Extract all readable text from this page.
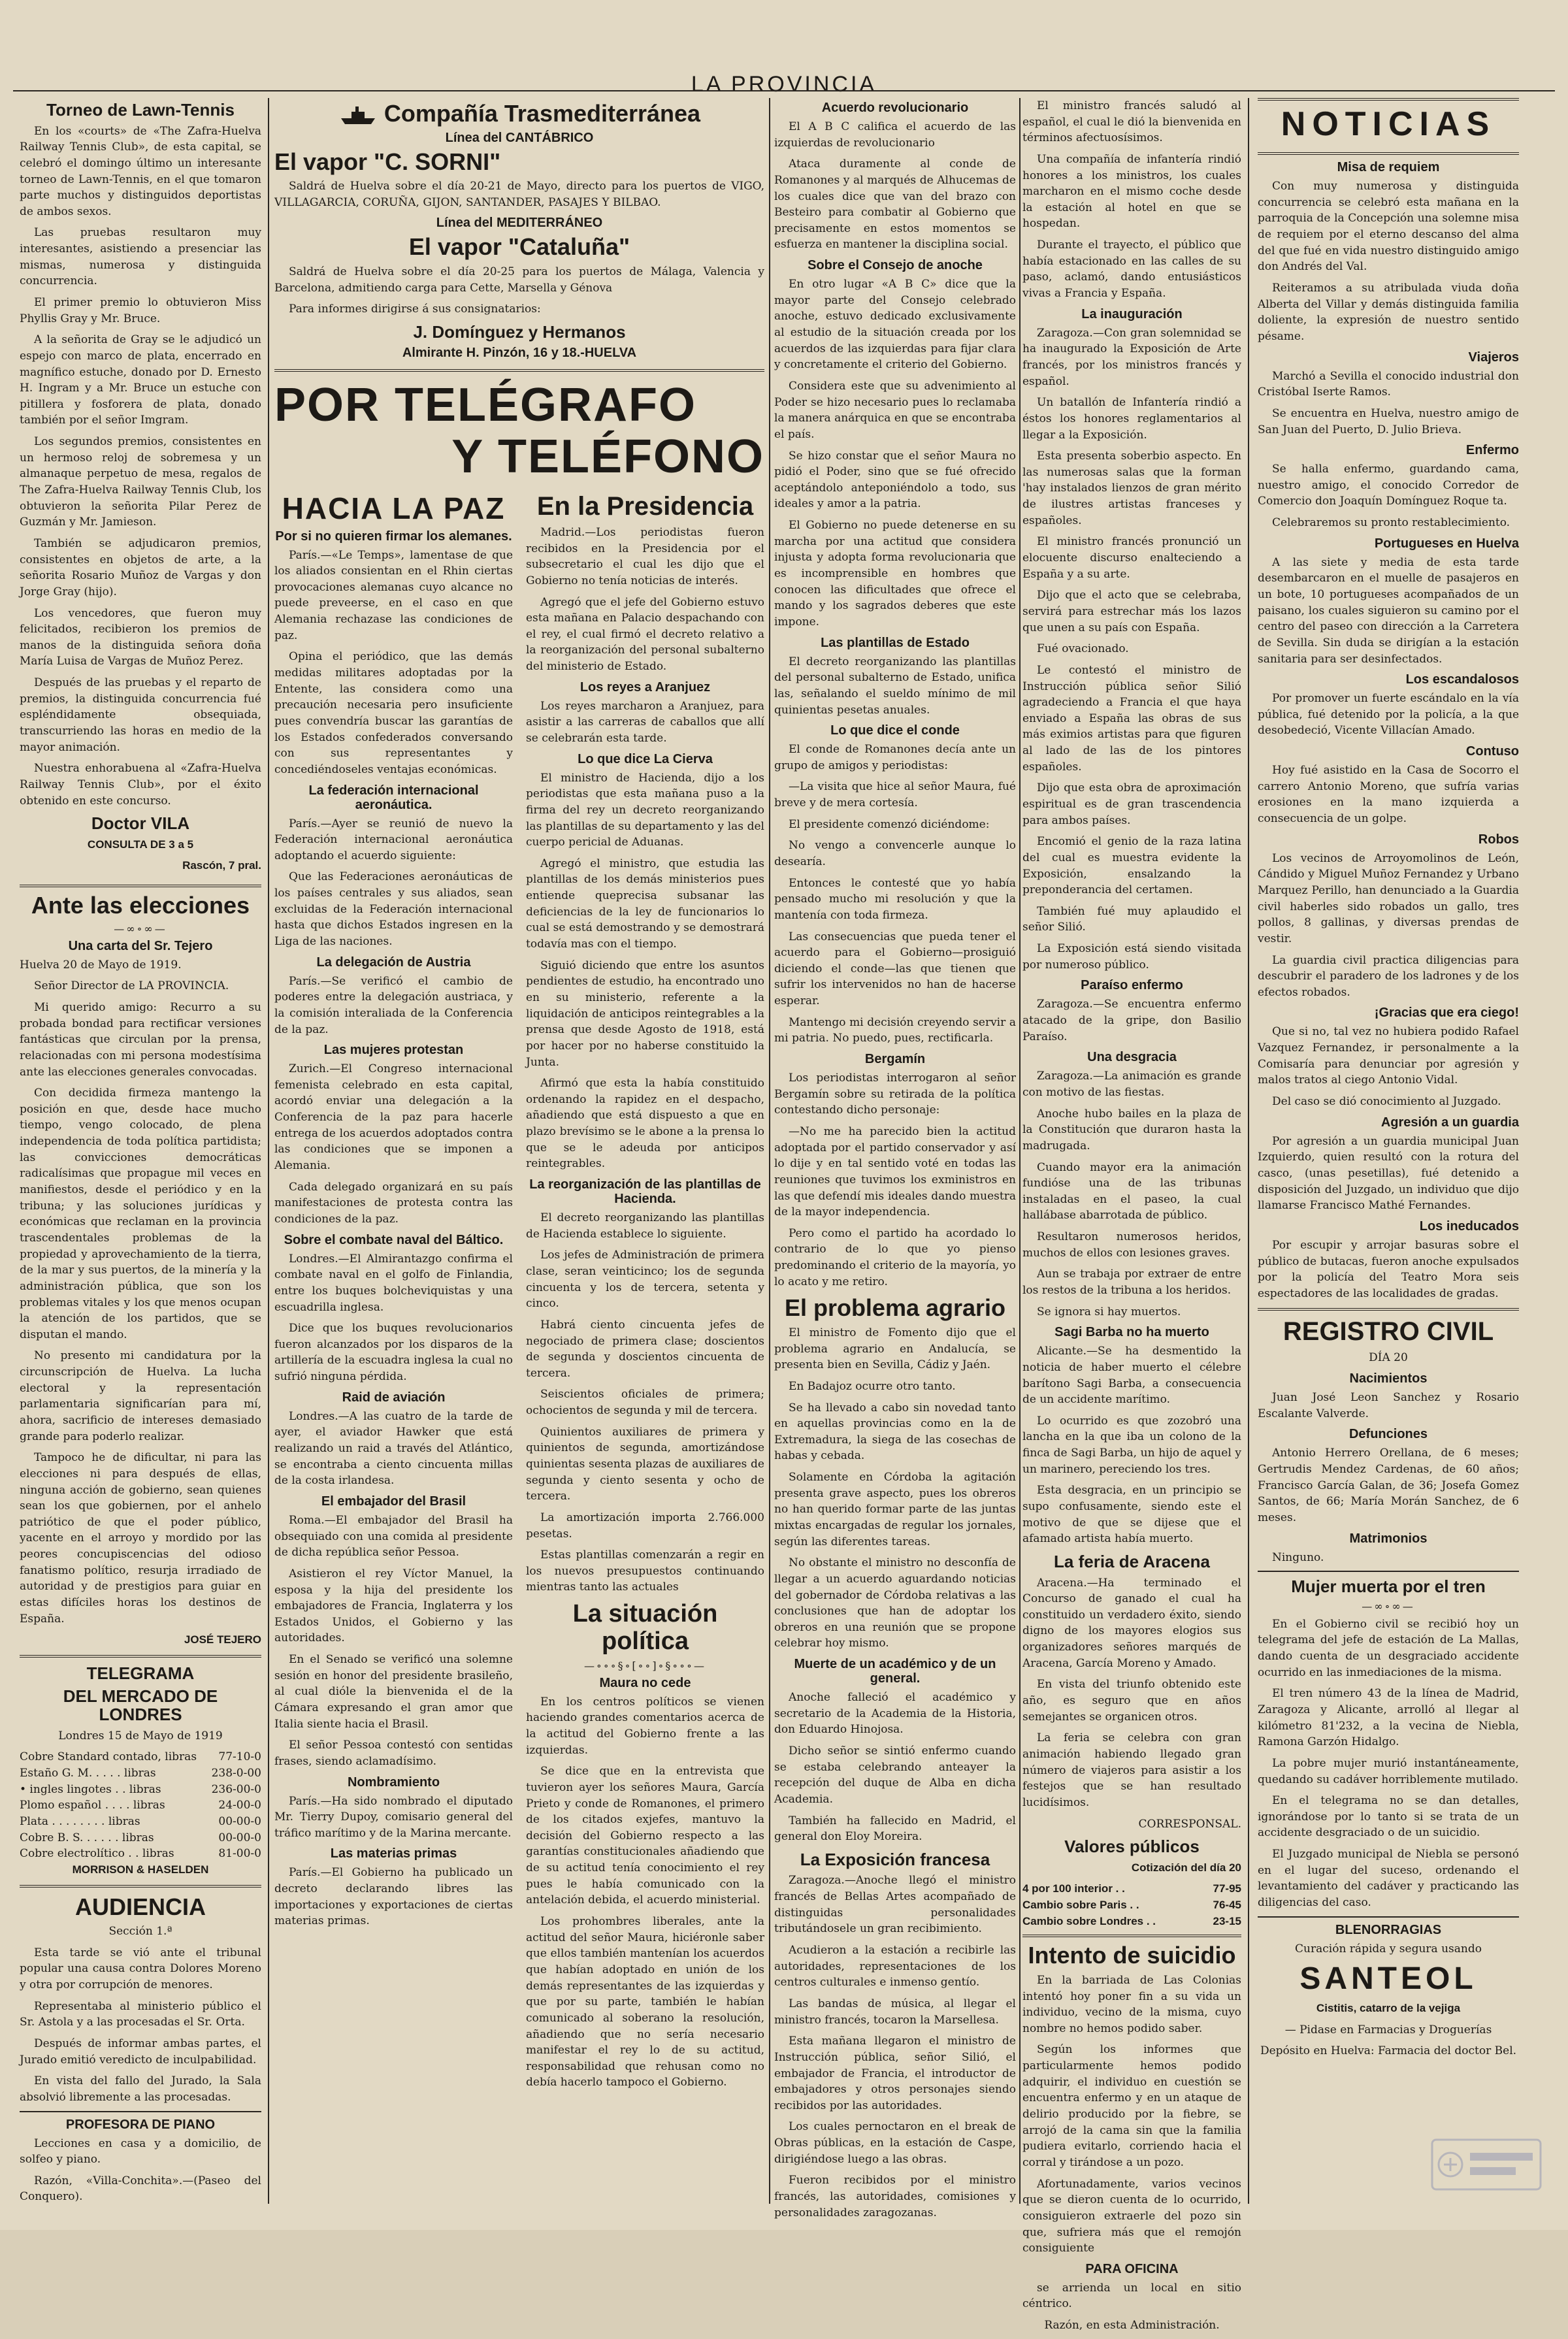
LA PROVINCIA
Torneo de Lawn-Tennis

En los «courts» de «The Zafra-Huelva Railway Tennis Club», de esta capital, se celebró el domingo último un interesante torneo de Lawn-Tennis, en el que tomaron parte muchos y distinguidos deportistas de ambos sexos.

Las pruebas resultaron muy interesantes, asistiendo a presenciar las mismas, numerosa y distinguida concurrencia.

El primer premio lo obtuvieron Miss Phyllis Gray y Mr. Bruce.

A la señorita de Gray se le adjudicó un espejo con marco de plata, encerrado en magnífico estuche, donado por D. Ernesto H. Ingram y a Mr. Bruce un estuche con pitillera y fosforera de plata, donado también por el señor Imgram.

Los segundos premios, consistentes en un hermoso reloj de sobremesa y un almanaque perpetuo de mesa, regalos de The Zafra-Huelva Railway Tennis Club, los obtuvieron la señorita Pilar Perez de Guzmán y Mr. Jamieson.

También se adjudicaron premios, consistentes en objetos de arte, a la señorita Rosario Muñoz de Vargas y don Jorge Gray (hijo).

Los vencedores, que fueron muy felicitados, recibieron los premios de manos de la distinguida señora doña María Luisa de Vargas de Muñoz Perez.

Después de las pruebas y el reparto de premios, la distinguida concurrencia fué espléndidamente obsequiada, transcurriendo las horas en medio de la mayor animación.

Nuestra enhorabuena al «Zafra-Huelva Railway Tennis Club», por el éxito obtenido en este concurso.

Doctor VILA

CONSULTA DE 3 a 5

Rascón, 7 pral.

Ante las elecciones
—∞∘∞—
Una carta del Sr. Tejero

Huelva 20 de Mayo de 1919.

Señor Director de LA PROVINCIA.

Mi querido amigo: Recurro a su probada bondad para rectificar versiones fantásticas que circulan por la prensa, relacionadas con mi persona modestísima ante las elecciones generales convocadas.

Con decidida firmeza mantengo la posición en que, desde hace mucho tiempo, vengo colocado, de plena independencia de toda política partidista; las convicciones democráticas radicalísimas que propague mil veces en manifiestos, desde el periódico y en la tribuna; y las soluciones jurídicas y económicas que reclaman en la provincia trascendentales problemas de la propiedad y aprovechamiento de la tierra, de la mar y sus puertos, de la minería y la administración pública, que son los problemas vitales y los que menos ocupan la atención de los partidos, que se disputan el mando.

No presento mi candidatura por la circunscripción de Huelva. La lucha electoral y la representación parlamentaria significarían para mí, ahora, sacrificio de intereses demasiado grande para poderlo realizar.

Tampoco he de dificultar, ni para las elecciones ni para después de ellas, ninguna acción de gobierno, sean quienes sean los que gobiernen, por el anhelo patriótico de que el poder público, yacente en el arroyo y mordido por las peores concupiscencias del odioso fanatismo político, resurja irradiado de autoridad y de prestigios para guiar en estas difíciles horas los destinos de España.

JOSÉ TEJERO

TELEGRAMA
DEL MERCADO DE LONDRES

Londres 15 de Mayo de 1919

Cobre Standard contado, libras 77-10-0
Estaño G. M. . . . . libras	238-0-00
• ingles lingotes . . libras	236-00-0
Plomo español . . . . libras	24-00-0
Plata . . . . . . . . libras	00-00-0
Cobre B. S. . . . . . libras	00-00-0
Cobre electrolítico . . libras	81-00-0

MORRISON & HASELDEN

AUDIENCIA

Sección 1.ª

Esta tarde se vió ante el tribunal popular una causa contra Dolores Moreno y otra por corrupción de menores.

Representaba al ministerio público el Sr. Astola y a las procesadas el Sr. Orta.

Después de informar ambas partes, el Jurado emitió veredicto de inculpabilidad.

En vista del fallo del Jurado, la Sala absolvió libremente a las procesadas.

PROFESORA DE PIANO

Lecciones en casa y a domicilio, de solfeo y piano.

Razón, «Villa-Conchita».—(Paseo del Conquero).

Compañía Trasmediterránea
Línea del CANTÁBRICO
El vapor "C. SORNI"

Saldrá de Huelva sobre el día 20-21 de Mayo, directo para los puertos de VIGO, VILLAGARCIA, CORUÑA, GIJON, SANTANDER, PASAJES Y BILBAO.

Línea del MEDITERRÁNEO
El vapor "Cataluña"

Saldrá de Huelva sobre el día 20-25 para los puertos de Málaga, Valencia y Barcelona, admitiendo carga para Cette, Marsella y Génova

Para informes dirigirse á sus consignatarios:

J. Domínguez y Hermanos
Almirante H. Pinzón, 16 y 18.-HUELVA
POR TELÉGRAFO
Y TELÉFONO
HACIA LA PAZ
Por si no quieren firmar los alemanes.

París.—«Le Temps», lamentase de que los aliados consientan en el Rhin ciertas provocaciones alemanas cuyo alcance no puede preveerse, en el caso en que Alemania rechazase las condiciones de paz.

Opina el periódico, que las demás medidas militares adoptadas por la Entente, las considera como una precaución necesaria pero insuficiente pues convendría buscar las garantías de los Estados confederados conversando con sus representantes y concediéndoseles ventajas económicas.

La federación internacional aeronáutica.

París.—Ayer se reunió de nuevo la Federación internacional aeronáutica adoptando el acuerdo siguiente:

Que las Federaciones aeronáuticas de los países centrales y sus aliados, sean excluidas de la Federación internacional hasta que dichos Estados ingresen en la Liga de las naciones.

La delegación de Austria

París.—Se verificó el cambio de poderes entre la delegación austriaca, y la comisión interaliada de la Conferencia de la paz.

Las mujeres protestan

Zurich.—El Congreso internacional femenista celebrado en esta capital, acordó enviar una delegación a la Conferencia de la paz para hacerle entrega de los acuerdos adoptados contra las condiciones que se imponen a Alemania.

Cada delegado organizará en su país manifestaciones de protesta contra las condiciones de la paz.

Sobre el combate naval del Báltico.

Londres.—El Almirantazgo confirma el combate naval en el golfo de Finlandia, entre los buques bolcheviquistas y una escuadrilla inglesa.

Dice que los buques revolucionarios fueron alcanzados por los disparos de la artillería de la escuadra inglesa la cual no sufrió ninguna pérdida.

Raid de aviación

Londres.—A las cuatro de la tarde de ayer, el aviador Hawker que está realizando un raid a través del Atlántico, se encontraba a ciento cincuenta millas de la costa irlandesa.

El embajador del Brasil

Roma.—El embajador del Brasil ha obsequiado con una comida al presidente de dicha república señor Pessoa.

Asistieron el rey Víctor Manuel, la esposa y la hija del presidente los embajadores de Francia, Inglaterra y los Estados Unidos, el Gobierno y las autoridades.

En el Senado se verificó una solemne sesión en honor del presidente brasileño, al cual dióle la bienvenida el de la Cámara expresando el gran amor que Italia siente hacia el Brasil.

El señor Pessoa contestó con sentidas frases, siendo aclamadísimo.

Nombramiento

París.—Ha sido nombrado el diputado Mr. Tierry Dupoy, comisario general del tráfico marítimo y de la Marina mercante.

Las materias primas

París.—El Gobierno ha publicado un decreto declarando libres las importaciones y exportaciones de ciertas materias primas.

En la Presidencia

Madrid.—Los periodistas fueron recibidos en la Presidencia por el subsecretario el cual les dijo que el Gobierno no tenía noticias de interés.

Agregó que el jefe del Gobierno estuvo esta mañana en Palacio despachando con el rey, el cual firmó el decreto relativo a la reorganización del personal subalterno del ministerio de Estado.

Los reyes a Aranjuez

Los reyes marcharon a Aranjuez, para asistir a las carreras de caballos que allí se celebrarán esta tarde.

Lo que dice La Cierva

El ministro de Hacienda, dijo a los periodistas que esta mañana puso a la firma del rey un decreto reorganizando las plantillas de su departamento y las del cuerpo pericial de Aduanas.

Agregó el ministro, que estudia las plantillas de los demás ministerios pues entiende queprecisa subsanar las deficiencias de la ley de funcionarios lo cual se está demostrando y se demostrará todavía mas con el tiempo.

Siguió diciendo que entre los asuntos pendientes de estudio, ha encontrado uno en su ministerio, referente a la liquidación de anticipos reintegrables a la prensa que desde Agosto de 1918, está por hacer por no haberse constituido la Junta.

Afirmó que esta la había constituido ordenando la rapidez en el despacho, añadiendo que está dispuesto a que en plazo brevísimo se le abone a la prensa lo que se le adeuda por anticipos reintegrables.

La reorganización de las plantillas de Hacienda.

El decreto reorganizando las plantillas de Hacienda establece lo siguiente.

Los jefes de Administración de primera clase, seran veinticinco; los de segunda cincuenta y los de tercera, setenta y cinco.

Habrá ciento cincuenta jefes de negociado de primera clase; doscientos de segunda y doscientos cincuenta de tercera.

Seiscientos oficiales de primera; ochocientos de segunda y mil de tercera.

Quinientos auxiliares de primera y quinientos de segunda, amortizándose quinientas sesenta plazas de auxiliares de segunda y ciento sesenta y ocho de tercera.

La amortización importa 2.766.000 pesetas.

Estas plantillas comenzarán a regir en los nuevos presupuestos continuando mientras tanto las actuales

La situación política
—∘∘∘§∘[∘∘]∘§∘∘∘—
Maura no cede

En los centros políticos se vienen haciendo grandes comentarios acerca de la actitud del Gobierno frente a las izquierdas.

Se dice que en la entrevista que tuvieron ayer los señores Maura, García Prieto y conde de Romanones, el primero de los citados exjefes, mantuvo la decisión del Gobierno respecto a las garantías constitucionales añadiendo que de su actitud tenía conocimiento el rey pues le había comunicado con la antelación debida, el acuerdo ministerial.

Los prohombres liberales, ante la actitud del señor Maura, hiciéronle saber que ellos también mantenían los acuerdos que habían adoptado en unión de los demás representantes de las izquierdas y que por su parte, también le habían comunicado al soberano la resolución, añadiendo que no sería necesario manifestar el rey lo de su actitud, responsabilidad que rehusan como no debía hacerlo tampoco el Gobierno.

Acuerdo revolucionario

El A B C califica el acuerdo de las izquierdas de revolucionario

Ataca duramente al conde de Romanones y al marqués de Alhucemas de los cuales dice que van del brazo con Besteiro para combatir al Gobierno que precisamente en estos momentos se esfuerza en mantener la disciplina social.

Sobre el Consejo de anoche

En otro lugar «A B C» dice que la mayor parte del Consejo celebrado anoche, estuvo dedicado exclusivamente al estudio de la situación creada por los acuerdos de las izquierdas para fijar clara y concretamente el criterio del Gobierno.

Considera este que su advenimiento al Poder se hizo necesario pues lo reclamaba la manera anárquica en que se encontraba el país.

Se hizo constar que el señor Maura no pidió el Poder, sino que se fué ofrecido aceptándolo anteponiéndolo a todo, sus ideales y amor a la patria.

El Gobierno no puede detenerse en su marcha por una actitud que considera injusta y adopta forma revolucionaria que es incomprensible en hombres que conocen las dificultades que ofrece el mando y los sagrados deberes que este impone.

Las plantillas de Estado

El decreto reorganizando las plantillas del personal subalterno de Estado, unifica las, señalando el sueldo mínimo de mil quinientas pesetas anuales.

Lo que dice el conde

El conde de Romanones decía ante un grupo de amigos y periodistas:

—La visita que hice al señor Maura, fué breve y de mera cortesía.

El presidente comenzó diciéndome:

No vengo a convencerle aunque lo desearía.

Entonces le contesté que yo había pensado mucho mi resolución y que la mantenía con toda firmeza.

Las consecuencias que pueda tener el acuerdo para el Gobierno—prosiguió diciendo el conde—las que tienen que sufrir los intervenidos no han de hacerse esperar.

Mantengo mi decisión creyendo servir a mi patria. No puedo, pues, rectificarla.

Bergamín

Los periodistas interrogaron al señor Bergamín sobre su retirada de la política contestando dicho personaje:

—No me ha parecido bien la actitud adoptada por el partido conservador y así lo dije y en tal sentido voté en todas las reuniones que tuvimos los exministros en las que defendí mis ideales dando muestra de la mayor independencia.

Pero como el partido ha acordado lo contrario de lo que yo pienso predominando el criterio de la mayoría, yo lo acato y me retiro.

El problema agrario

El ministro de Fomento dijo que el problema agrario en Andalucía, se presenta bien en Sevilla, Cádiz y Jaén.

En Badajoz ocurre otro tanto.

Se ha llevado a cabo sin novedad tanto en aquellas provincias como en la de Extremadura, la siega de las cosechas de habas y cebada.

Solamente en Córdoba la agitación presenta grave aspecto, pues los obreros no han querido formar parte de las juntas mixtas encargadas de regular los jornales, según las diferentes tareas.

No obstante el ministro no desconfía de llegar a un acuerdo aguardando noticias del gobernador de Córdoba relativas a las conclusiones que han de adoptar los obreros en una reunión que se propone celebrar hoy mismo.

Muerte de un académico y de un general.

Anoche falleció el académico y secretario de la Academia de la Historia, don Eduardo Hinojosa.

Dicho señor se sintió enfermo cuando se estaba celebrando anteayer la recepción del duque de Alba en dicha Academia.

También ha fallecido en Madrid, el general don Eloy Moreira.

La Exposición francesa

Zaragoza.—Anoche llegó el ministro francés de Bellas Artes acompañado de distinguidas personalidades tributándosele un gran recibimiento.

Acudieron a la estación a recibirle las autoridades, representaciones de los centros culturales e inmenso gentío.

Las bandas de música, al llegar el ministro francés, tocaron la Marsellesa.

Esta mañana llegaron el ministro de Instrucción pública, señor Silió, el embajador de Francia, el introductor de embajadores y otros personajes siendo recibidos por las autoridades.

Los cuales pernoctaron en el break de Obras públicas, en la estación de Caspe, dirigiéndose luego a las obras.

Fueron recibidos por el ministro francés, las autoridades, comisiones y personalidades zaragozanas.

El ministro francés saludó al español, el cual le dió la bienvenida en términos afectuosísimos.

Una compañía de infantería rindió honores a los ministros, los cuales marcharon en el mismo coche desde la estación al hotel en que se hospedan.

Durante el trayecto, el público que había estacionado en las calles de su paso, aclamó, dando entusiásticos vivas a Francia y España.

La inauguración

Zaragoza.—Con gran solemnidad se ha inaugurado la Exposición de Arte francés, por los ministros francés y español.

Un batallón de Infantería rindió a éstos los honores reglamentarios al llegar a la Exposición.

Esta presenta soberbio aspecto. En las numerosas salas que la forman 'hay instalados lienzos de gran mérito de ilustres artistas franceses y españoles.

El ministro francés pronunció un elocuente discurso enalteciendo a España y a su arte.

Dijo que el acto que se celebraba, servirá para estrechar más los lazos que unen a su país con España.

Fué ovacionado.

Le contestó el ministro de Instrucción pública señor Silió agradeciendo a Francia el que haya enviado a España las obras de sus más eximios artistas para que figuren al lado de las de los pintores españoles.

Dijo que esta obra de aproximación espiritual es de gran trascendencia para ambos países.

Encomió el genio de la raza latina del cual es muestra evidente la Exposición, ensalzando la preponderancia del certamen.

También fué muy aplaudido el señor Silió.

La Exposición está siendo visitada por numeroso público.

Paraíso enfermo

Zaragoza.—Se encuentra enfermo atacado de la gripe, don Basilio Paraíso.

Una desgracia

Zaragoza.—La animación es grande con motivo de las fiestas.

Anoche hubo bailes en la plaza de la Constitución que duraron hasta la madrugada.

Cuando mayor era la animación fundióse una de las tribunas instaladas en el paseo, la cual hallábase abarrotada de público.

Resultaron numerosos heridos, muchos de ellos con lesiones graves.

Aun se trabaja por extraer de entre los restos de la tribuna a los heridos.

Se ignora si hay muertos.

Sagi Barba no ha muerto

Alicante.—Se ha desmentido la noticia de haber muerto el célebre barítono Sagi Barba, a consecuencia de un accidente marítimo.

Lo ocurrido es que zozobró una lancha en la que iba un colono de la finca de Sagi Barba, un hijo de aquel y un marinero, pereciendo los tres.

Esta desgracia, en un principio se supo confusamente, siendo este el motivo de que se dijese que el afamado artista había muerto.

La feria de Aracena

Aracena.—Ha terminado el Concurso de ganado el cual ha constituido un verdadero éxito, siendo digno de los mayores elogios sus organizadores señores marqués de Aracena, García Moreno y Amado.

En vista del triunfo obtenido este año, es seguro que en años semejantes se organicen otros.

La feria se celebra con gran animación habiendo llegado gran número de viajeros para asistir a los festejos que se han resultado lucidísimos.

CORRESPONSAL.

Valores públicos

Cotización del día 20

4 por 100 interior . .	77-95
Cambio sobre Paris . .	76-45
Cambio sobre Londres . .	23-15
Intento de suicidio

En la barriada de Las Colonias intentó hoy poner fin a su vida un individuo, vecino de la misma, cuyo nombre no hemos podido saber.

Según los informes que particularmente hemos podido adquirir, el individuo en cuestión se encuentra enfermo y en un ataque de delirio producido por la fiebre, se arrojó de la cama sin que la familia pudiera evitarlo, corriendo hacia el corral y tirándose a un pozo.

Afortunadamente, varios vecinos que se dieron cuenta de lo ocurrido, consiguieron extraerle del pozo sin que, sufriera más que el remojón consiguiente

PARA OFICINA

se arrienda un local en sitio céntrico.

Razón, en esta Administración.

NOTICIAS
Misa de requiem

Con muy numerosa y distinguida concurrencia se celebró esta mañana en la parroquia de la Concepción una solemne misa de requiem por el eterno descanso del alma del que fué en vida nuestro distinguido amigo don Andrés del Val.

Reiteramos a su atribulada viuda doña Alberta del Villar y demás distinguida familia doliente, la expresión de nuestro sentido pésame.

Viajeros

Marchó a Sevilla el conocido industrial don Cristóbal Iserte Ramos.

Se encuentra en Huelva, nuestro amigo de San Juan del Puerto, D. Julio Brieva.

Enfermo

Se halla enfermo, guardando cama, nuestro amigo, el conocido Corredor de Comercio don Joaquín Domínguez Roque ta.

Celebraremos su pronto restablecimiento.

Portugueses en Huelva

A las siete y media de esta tarde desembarcaron en el muelle de pasajeros en un bote, 10 portugueses acompañados de un paisano, los cuales siguieron su camino por el centro del paseo con dirección a la Carretera de Sevilla. Sin duda se dirigían a la estación sanitaria para ser desinfectados.

Los escandalosos

Por promover un fuerte escándalo en la vía pública, fué detenido por la policía, a la que desobedeció, Vicente Villacían Amado.

Contuso

Hoy fué asistido en la Casa de Socorro el carrero Antonio Moreno, que sufría varias erosiones en la mano izquierda a consecuencia de un golpe.

Robos

Los vecinos de Arroyomolinos de León, Cándido y Miguel Muñoz Fernandez y Urbano Marquez Perillo, han denunciado a la Guardia civil haberles sido robados un gallo, tres pollos, 8 gallinas, y diversas prendas de vestir.

La guardia civil practica diligencias para descubrir el paradero de los ladrones y de los efectos robados.

¡Gracias que era ciego!

Que si no, tal vez no hubiera podido Rafael Vazquez Fernandez, ir personalmente a la Comisaría para denunciar por agresión y malos tratos al ciego Antonio Vidal.

Del caso se dió conocimiento al Juzgado.

Agresión a un guardia

Por agresión a un guardia municipal Juan Izquierdo, quien resultó con la rotura del casco, (unas pesetillas), fué detenido a disposición del Juzgado, un individuo que dijo llamarse Francisco Mathé Fernandes.

Los ineducados

Por escupir y arrojar basuras sobre el público de butacas, fueron anoche expulsados por la policía del Teatro Mora seis espectadores de las localidades de gradas.

REGISTRO CIVIL

DÍA 20

Nacimientos

Juan José Leon Sanchez y Rosario Escalante Valverde.

Defunciones

Antonio Herrero Orellana, de 6 meses; Gertrudis Mendez Cardenas, de 60 años; Francisco García Galan, de 36; Josefa Gomez Santos, de 66; María Morán Sanchez, de 6 meses.

Matrimonios

Ninguno.

Mujer muerta por el tren
—∞∘∞—

En el Gobierno civil se recibió hoy un telegrama del jefe de estación de La Mallas, dando cuenta de un desgraciado accidente ocurrido en las inmediaciones de la misma.

El tren número 43 de la línea de Madrid, Zaragoza y Alicante, arrolló al llegar al kilómetro 81'232, a la vecina de Niebla, Ramona Garzón Hidalgo.

La pobre mujer murió instantáneamente, quedando su cadáver horriblemente mutilado.

En el telegrama no se dan detalles, ignorándose por lo tanto si se trata de un accidente desgraciado o de un suicidio.

El Juzgado municipal de Niebla se personó en el lugar del suceso, ordenando el levantamiento del cadáver y practicando las diligencias del caso.

BLENORRAGIAS

Curación rápida y segura usando

SANTEOL

Cistitis, catarro de la vejiga

— Pidase en Farmacias y Droguerías

Depósito en Huelva: Farmacia del doctor Bel.
